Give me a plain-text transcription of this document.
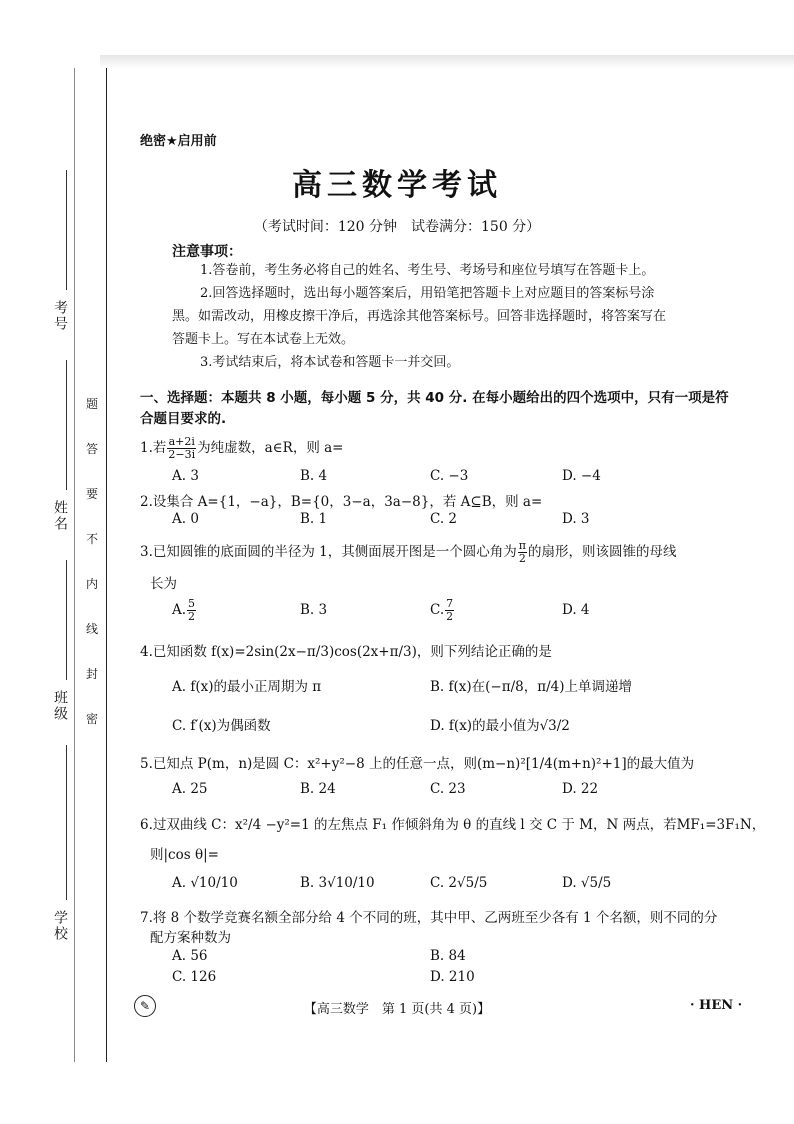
考号
姓名
班级
学校
题
答
要
不
内
线
封
密
绝密★启用前
高三数学考试
（考试时间：120 分钟　试卷满分：150 分）
注意事项：
1.答卷前，考生务必将自己的姓名、考生号、考场号和座位号填写在答题卡上。
2.回答选择题时，选出每小题答案后，用铅笔把答题卡上对应题目的答案标号涂
黑。如需改动，用橡皮擦干净后，再选涂其他答案标号。回答非选择题时，将答案写在
答题卡上。写在本试卷上无效。
3.考试结束后，将本试卷和答题卡一并交回。
一、选择题：本题共 8 小题，每小题 5 分，共 40 分. 在每小题给出的四个选项中，只有一项是符合题目要求的.
1.若 $\frac{a+2i}{2-3i}$ 为纯虚数，a∈R，则 a=
A. 3	B. 4	C. −3	D. −4
2.设集合 A={1，−a}，B={0，3−a，3a−8}，若 A⊆B，则 a=
A. 0	B. 1	C. 2	D. 3
3.已知圆锥的底面圆的半径为 1，其侧面展开图是一个圆心角为 $\frac{\pi}{2}$ 的扇形，则该圆锥的母线
长为
A. $\frac{5}{2}$	B. 3	C. $\frac{7}{2}$	D. 4
4.已知函数 f(x)=2sin(2x−π/3)cos(2x+π/3)，则下列结论正确的是
A. f(x)的最小正周期为 π	B. f(x)在(−π/8，π/4)上单调递增
C. f′(x)为偶函数	D. f(x)的最小值为√3/2
5.已知点 P(m，n)是圆 C：x²+y²−8 上的任意一点，则(m−n)²[1/4(m+n)²+1]的最大值为
A. 25	B. 24	C. 23	D. 22
6.过双曲线 C：x²/4 −y²=1 的左焦点 F₁ 作倾斜角为 θ 的直线 l 交 C 于 M，N 两点，若MF₁=3F₁N，
则|cos θ|=
A. √10/10	B. 3√10/10	C. 2√5/5	D. √5/5
7.将 8 个数学竞赛名额全部分给 4 个不同的班，其中甲、乙两班至少各有 1 个名额，则不同的分
配方案种数为
A. 56	B. 84
C. 126	D. 210
✎	【高三数学　第 1 页(共 4 页)】	· HEN ·
